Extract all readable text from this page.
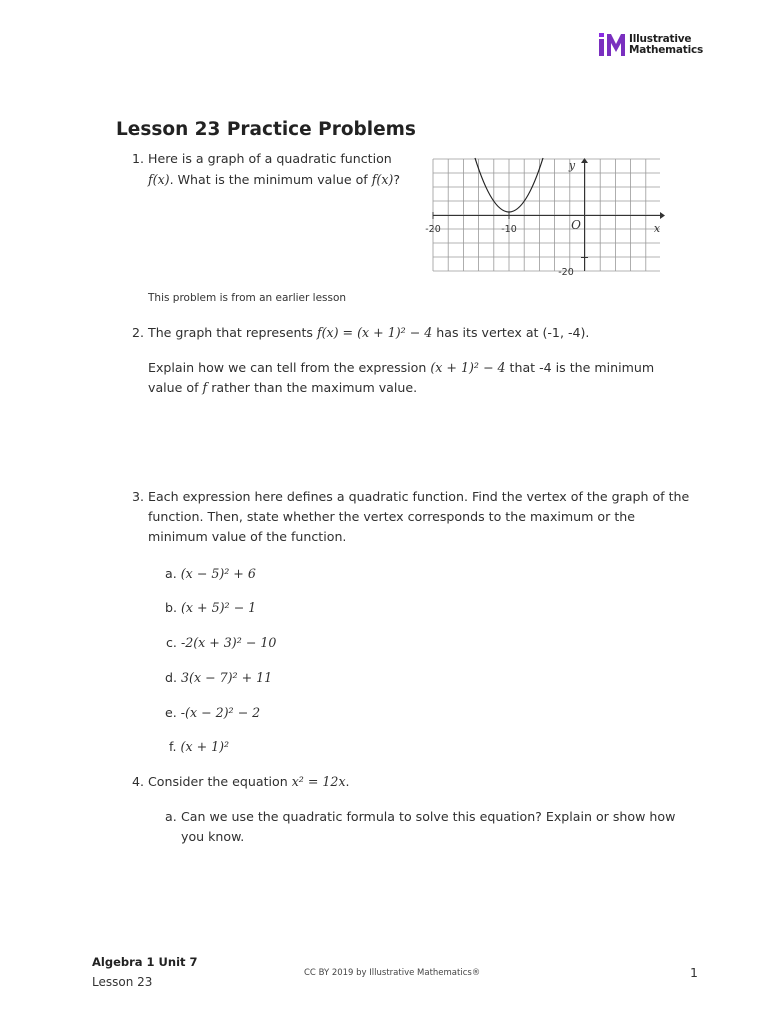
Illustrative
Mathematics
Lesson 23 Practice Problems
1. Here is a graph of a quadratic function
f(x). What is the minimum value of f(x)?
-20	-10	O	x
y
-20
This problem is from an earlier lesson
2. The graph that represents f(x) = (x + 1)² − 4 has its vertex at (-1, -4).
Explain how we can tell from the expression (x + 1)² − 4 that -4 is the minimum
value of f rather than the maximum value.
3. Each expression here defines a quadratic function. Find the vertex of the graph of the
function. Then, state whether the vertex corresponds to the maximum or the
minimum value of the function.
a. (x − 5)² + 6
b. (x + 5)² − 1
c. -2(x + 3)² − 10
d. 3(x − 7)² + 11
e. -(x − 2)² − 2
f. (x + 1)²
4. Consider the equation x² = 12x.
a. Can we use the quadratic formula to solve this equation? Explain or show how
you know.
Algebra 1 Unit 7
Lesson 23
CC BY 2019 by Illustrative Mathematics®	1
